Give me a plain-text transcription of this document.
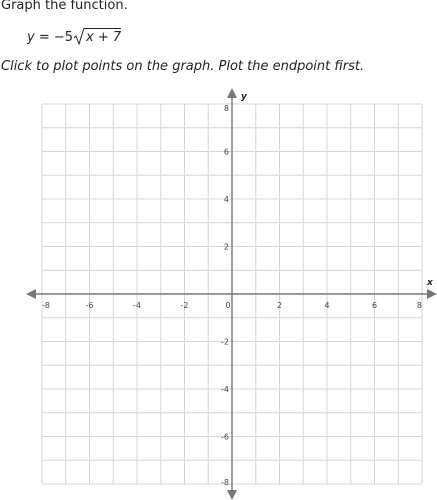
Graph the function.
y = −5 x + 7
Click to plot points on the graph. Plot the endpoint first.
-8	-6	-4	-2	0	2	4	6	8
8
6
4
2
-2
-4
-6
-8
x
y
